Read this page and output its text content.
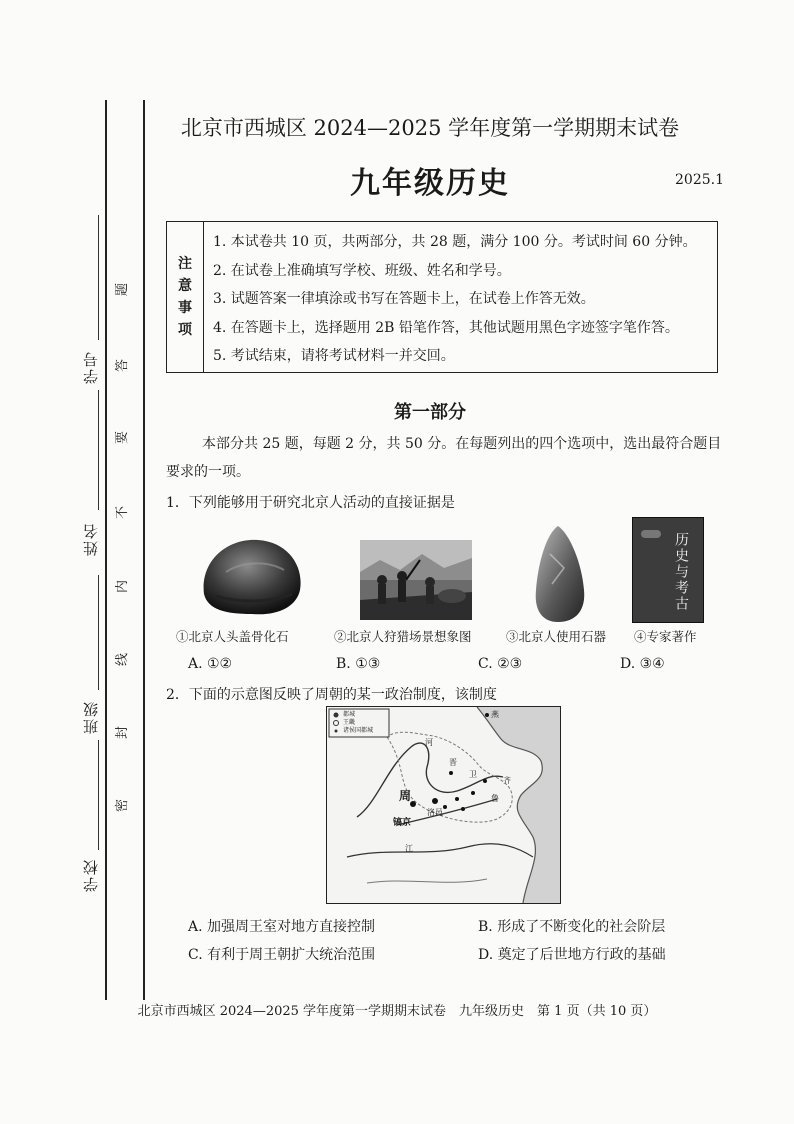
学校
班级
姓名
学号
密
封
线
内
不
要
答
题
北京市西城区 2024—2025 学年度第一学期期末试卷
九年级历史	2025.1
注
意
事
项
1. 本试卷共 10 页，共两部分，共 28 题，满分 100 分。考试时间 60 分钟。
2. 在试卷上准确填写学校、班级、姓名和学号。
3. 试题答案一律填涂或书写在答题卡上，在试卷上作答无效。
4. 在答题卡上，选择题用 2B 铅笔作答，其他试题用黑色字迹签字笔作答。
5. 考试结束，请将考试材料一并交回。
第一部分
本部分共 25 题，每题 2 分，共 50 分。在每题列出的四个选项中，选出最符合题目要求的一项。
1．下列能够用于研究北京人活动的直接证据是
历史与考古
①北京人头盖骨化石	②北京人狩猎场景想象图	③北京人使用石器 ④专家著作
A. ①②	B. ①③	C. ②③	D. ③④
2．下面的示意图反映了周朝的某一政治制度，该制度
都城
王畿
诸侯国都城
周
镐京
洛邑
燕
齐
鲁
卫
晋
河
江
A. 加强周王室对地方直接控制	B. 形成了不断变化的社会阶层
C. 有利于周王朝扩大统治范围	D. 奠定了后世地方行政的基础
北京市西城区 2024—2025 学年度第一学期期末试卷　九年级历史　第 1 页（共 10 页）
